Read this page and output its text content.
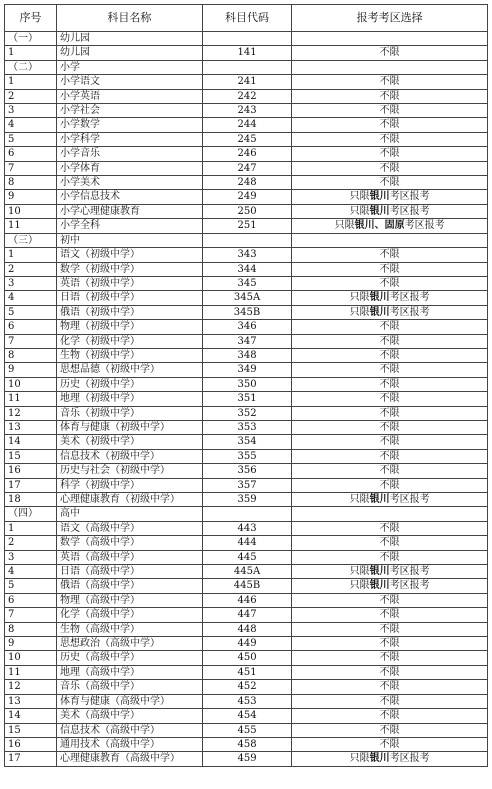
序号	科目名称	科目代码	报考考区选择
（一）	幼儿园		
1	幼儿园	141	不限
（二）	小学		
1	小学语文	241	不限
2	小学英语	242	不限
3	小学社会	243	不限
4	小学数学	244	不限
5	小学科学	245	不限
6	小学音乐	246	不限
7	小学体育	247	不限
8	小学美术	248	不限
9	小学信息技术	249	只限银川考区报考
10	小学心理健康教育	250	只限银川考区报考
11	小学全科	251	只限银川、固原考区报考
（三）	初中		
1	语文（初级中学）	343	不限
2	数学（初级中学）	344	不限
3	英语（初级中学）	345	不限
4	日语（初级中学）	345A	只限银川考区报考
5	俄语（初级中学）	345B	只限银川考区报考
6	物理（初级中学）	346	不限
7	化学（初级中学）	347	不限
8	生物（初级中学）	348	不限
9	思想品德（初级中学）	349	不限
10	历史（初级中学）	350	不限
11	地理（初级中学）	351	不限
12	音乐（初级中学）	352	不限
13	体育与健康（初级中学）	353	不限
14	美术（初级中学）	354	不限
15	信息技术（初级中学）	355	不限
16	历史与社会（初级中学）	356	不限
17	科学（初级中学）	357	不限
18	心理健康教育（初级中学）	359	只限银川考区报考
（四）	高中		
1	语文（高级中学）	443	不限
2	数学（高级中学）	444	不限
3	英语（高级中学）	445	不限
4	日语（高级中学）	445A	只限银川考区报考
5	俄语（高级中学）	445B	只限银川考区报考
6	物理（高级中学）	446	不限
7	化学（高级中学）	447	不限
8	生物（高级中学）	448	不限
9	思想政治（高级中学）	449	不限
10	历史（高级中学）	450	不限
11	地理（高级中学）	451	不限
12	音乐（高级中学）	452	不限
13	体育与健康（高级中学）	453	不限
14	美术（高级中学）	454	不限
15	信息技术（高级中学）	455	不限
16	通用技术（高级中学）	458	不限
17	心理健康教育（高级中学）	459	只限银川考区报考
